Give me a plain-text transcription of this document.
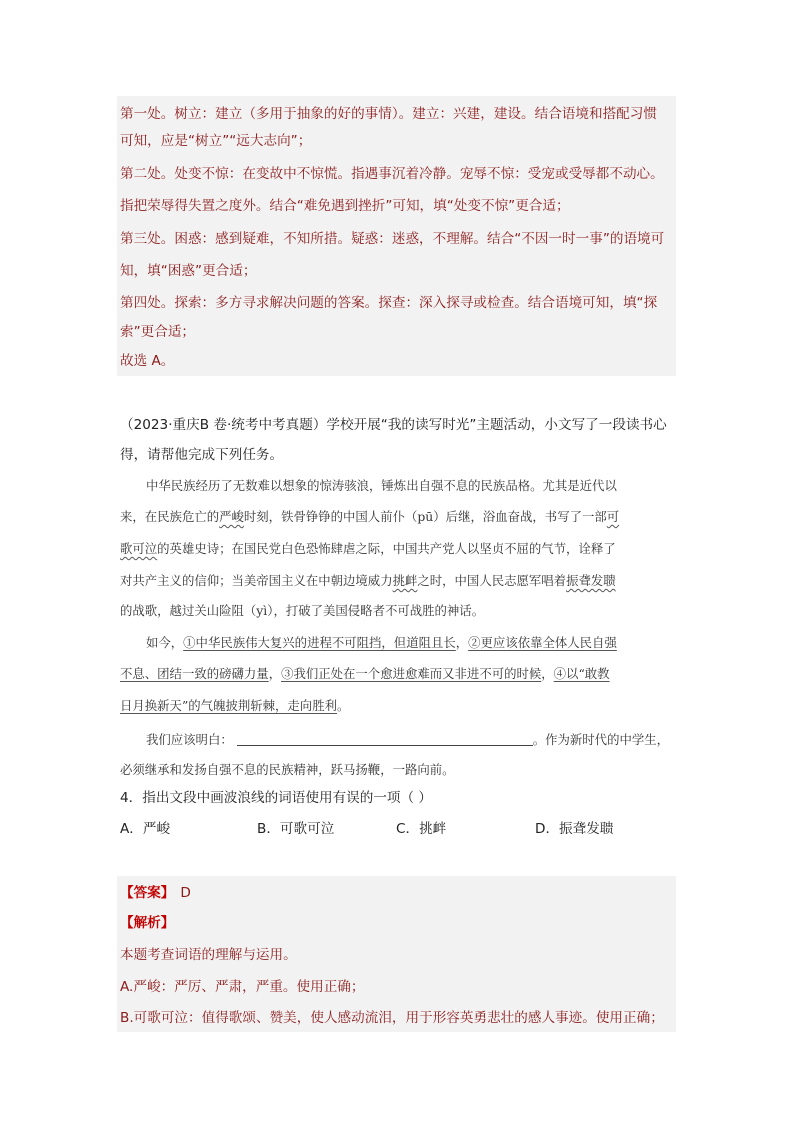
第一处。树立：建立（多用于抽象的好的事情）。建立：兴建，建设。结合语境和搭配习惯
可知，应是“树立”“远大志向”；
第二处。处变不惊：在变故中不惊慌。指遇事沉着冷静。宠辱不惊：受宠或受辱都不动心。
指把荣辱得失置之度外。结合“难免遇到挫折”可知，填“处变不惊”更合适；
第三处。困惑：感到疑难，不知所措。疑惑：迷惑，不理解。结合“不因一时一事”的语境可
知，填“困惑”更合适；
第四处。探索：多方寻求解决问题的答案。探查：深入探寻或检查。结合语境可知，填“探
索”更合适；
故选 A。
（2023·重庆B 卷·统考中考真题）学校开展“我的读写时光”主题活动，小文写了一段读书心
得，请帮他完成下列任务。
中华民族经历了无数难以想象的惊涛骇浪，锤炼出自强不息的民族品格。尤其是近代以
来，在民族危亡的严峻时刻，铁骨铮铮的中国人前仆（pū）后继，浴血奋战，书写了一部可
歌可泣的英雄史诗；在国民党白色恐怖肆虐之际，中国共产党人以坚贞不屈的气节，诠释了
对共产主义的信仰；当美帝国主义在中朝边境威力挑衅之时，中国人民志愿军唱着振聋发聩
的战歌，越过关山险阻（yì），打破了美国侵略者不可战胜的神话。
如今，①中华民族伟大复兴的进程不可阻挡，但道阻且长，②更应该依靠全体人民自强
不息、团结一致的磅礴力量，③我们正处在一个愈进愈难而又非进不可的时候，④以“敢教
日月换新天”的气魄披荆斩棘，走向胜利。
我们应该明白：	。作为新时代的中学生，
必须继承和发扬自强不息的民族精神，跃马扬鞭，一路向前。
4．指出文段中画波浪线的词语使用有误的一项（ ）
A．严峻	B．可歌可泣	C．挑衅	D．振聋发聩
【答案】 D
【解析】
本题考查词语的理解与运用。
A.严峻：严厉、严肃，严重。使用正确；
B.可歌可泣：值得歌颂、赞美，使人感动流泪，用于形容英勇悲壮的感人事迹。使用正确；
